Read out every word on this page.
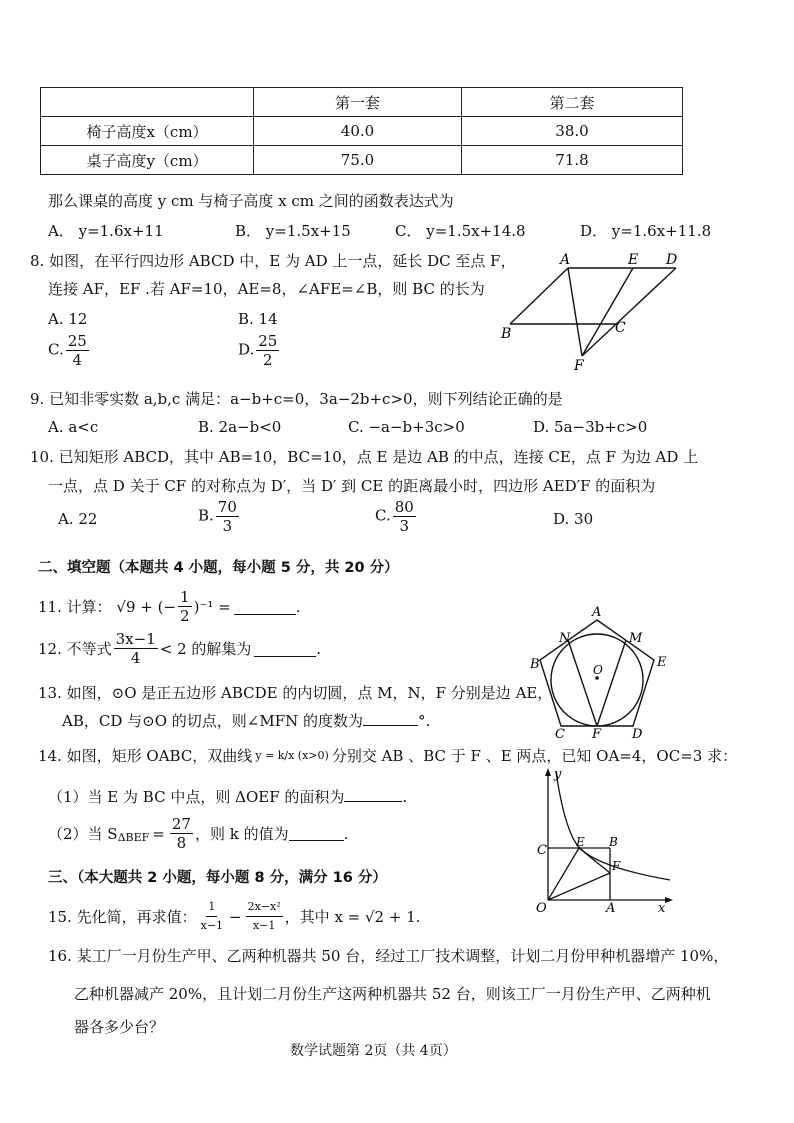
	第一套	第二套
椅子高度x（cm）	40.0	38.0
桌子高度y（cm）	75.0	71.8
那么课桌的高度 y cm 与椅子高度 x cm 之间的函数表达式为
A． y=1.6x+11	B． y=1.5x+15	C． y=1.5x+14.8	D． y=1.6x+11.8
8. 如图，在平行四边形 ABCD 中，E 为 AD 上一点，延长 DC 至点 F，
连接 AF，EF .若 AF=10，AE=8，∠AFE=∠B，则 BC 的长为
A. 12	B. 14
C. $\frac{25}{4}$	D. $\frac{25}{2}$
A	E D
B	C
F
9. 已知非零实数 a,b,c 满足：a−b+c=0，3a−2b+c>0，则下列结论正确的是
A. a<c	B. 2a−b<0	C. −a−b+3c>0	D. 5a−3b+c>0
10. 已知矩形 ABCD，其中 AB=10，BC=10，点 E 是边 AB 的中点，连接 CE，点 F 为边 AD 上
一点，点 D 关于 CF 的对称点为 D′，当 D′ 到 CE 的距离最小时，四边形 AED′F 的面积为
A. 22	B. $\frac{70}{3}$	C. $\frac{80}{3}$	D. 30
二、填空题（本题共 4 小题，每小题 5 分，共 20 分）
11. 计算： √9 + (− $\frac{1}{2} )^{-1}$ =	.
12. 不等式 $\frac{3x-1}{4} < 2$ 的解集为	.
13. 如图，⊙O 是正五边形 ABCDE 的内切圆，点 M，N，F 分别是边 AE，
AB，CD 与⊙O 的切点，则∠MFN 的度数为	°.
A
N	M
B	E
O
C F D
14. 如图，矩形 OABC，双曲线 y = k/x (x>0) 分别交 AB 、BC 于 F 、E 两点，已知 OA=4，OC=3 求：
（1）当 E 为 BC 中点，则 ΔOEF 的面积为	.
（2）当 S $\Delta BEF = \frac{27}{8}$ ，则 k 的值为	.
y
x
O	A
C
E B
F
三、（本大题共 2 小题，每小题 8 分，满分 16 分）
15. 先化简，再求值： $\frac{1}{x-1} - \frac{\text{2x−x²}}{x-1}$ ，其中 x = √2 + 1.
16. 某工厂一月份生产甲、乙两种机器共 50 台，经过工厂技术调整，计划二月份甲种机器增产 10%，
乙种机器减产 20%，且计划二月份生产这两种机器共 52 台，则该工厂一月份生产甲、乙两种机
器各多少台？
数学试题第 2页（共 4页）
